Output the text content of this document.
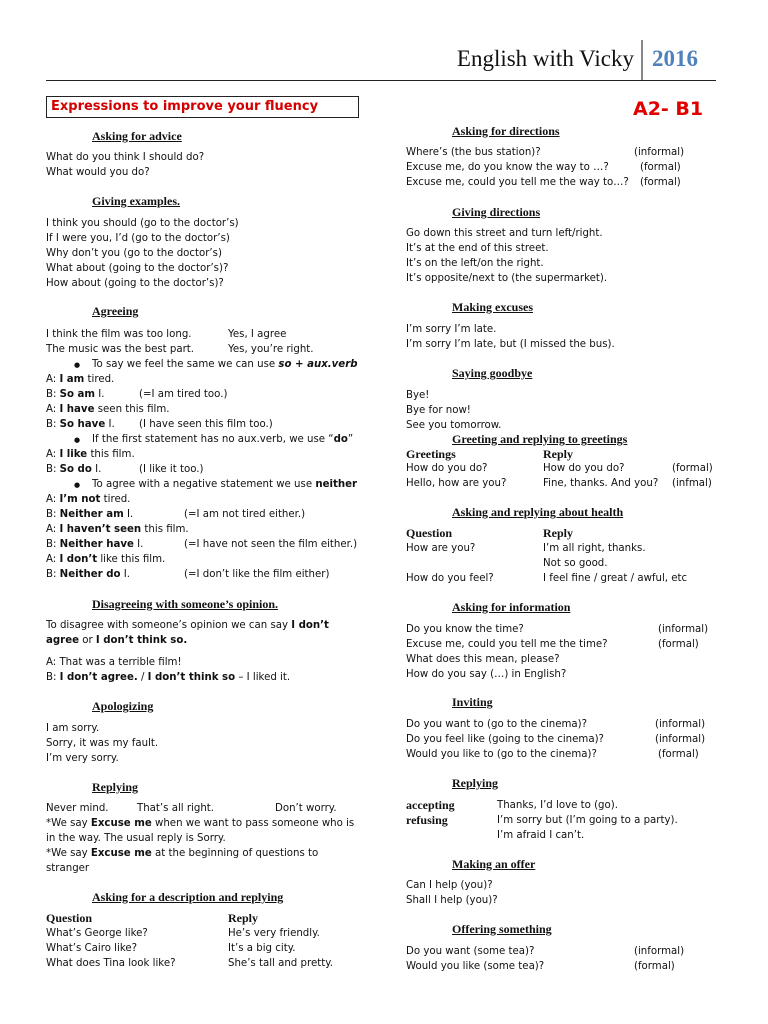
English with Vicky 2016
Expressions to improve your fluency	A2- B1
Asking for advice
What do you think I should do?
What would you do?
Giving examples.
I think you should (go to the doctor’s)
If I were you, I’d (go to the doctor’s)
Why don’t you (go to the doctor’s)
What about (going to the doctor’s)?
How about (going to the doctor’s)?
Agreeing
I think the film was too long.	Yes, I agree
The music was the best part.	Yes, you’re right.
● To say we feel the same we can use so + aux.verb
A: I am tired.
B: So am I.	(=I am tired too.)
A: I have seen this film.
B: So have I. (I have seen this film too.)
● If the first statement has no aux.verb, we use “do”
A: I like this film.
B: So do I.	(I like it too.)
● To agree with a negative statement we use neither
A: I’m not tired.
B: Neither am I.	(=I am not tired either.)
A: I haven’t seen this film.
B: Neither have I.	(=I have not seen the film either.)
A: I don’t like this film.
B: Neither do I.	(=I don’t like the film either)
Disagreeing with someone’s opinion.
To disagree with someone’s opinion we can say I don’t
agree or I don’t think so.
A: That was a terrible film!
B: I don’t agree. / I don’t think so – I liked it.
Apologizing
I am sorry.
Sorry, it was my fault.
I’m very sorry.
Replying
Never mind.	That’s all right.	Don’t worry.
*We say Excuse me when we want to pass someone who is
in the way. The usual reply is Sorry.
*We say Excuse me at the beginning of questions to
stranger
Asking for a description and replying
Question	Reply
What’s George like?	He’s very friendly.
What’s Cairo like?	It’s a big city.
What does Tina look like?	She’s tall and pretty.
Asking for directions
Where’s (the bus station)?	(informal)
Excuse me, do you know the way to …?	(formal)
Excuse me, could you tell me the way to…? (formal)
Giving directions
Go down this street and turn left/right.
It’s at the end of this street.
It’s on the left/on the right.
It’s opposite/next to (the supermarket).
Making excuses
I’m sorry I’m late.
I’m sorry I’m late, but (I missed the bus).
Saying goodbye
Bye!
Bye for now!
See you tomorrow.
Greeting and replying to greetings
Greetings	Reply
How do you do?	How do you do?	(formal)
Hello, how are you?	Fine, thanks. And you? (infmal)
Asking and replying about health
Question	Reply
How are you?	I’m all right, thanks.
Not so good.
How do you feel?	I feel fine / great / awful, etc
Asking for information
Do you know the time?	(informal)
Excuse me, could you tell me the time?	(formal)
What does this mean, please?
How do you say (…) in English?
Inviting
Do you want to (go to the cinema)?	(informal)
Do you feel like (going to the cinema)?	(informal)
Would you like to (go to the cinema)?	(formal)
Replying
accepting	Thanks, I’d love to (go).
refusing	I’m sorry but (I’m going to a party).
I’m afraid I can’t.
Making an offer
Can I help (you)?
Shall I help (you)?
Offering something
Do you want (some tea)?	(informal)
Would you like (some tea)?	(formal)
